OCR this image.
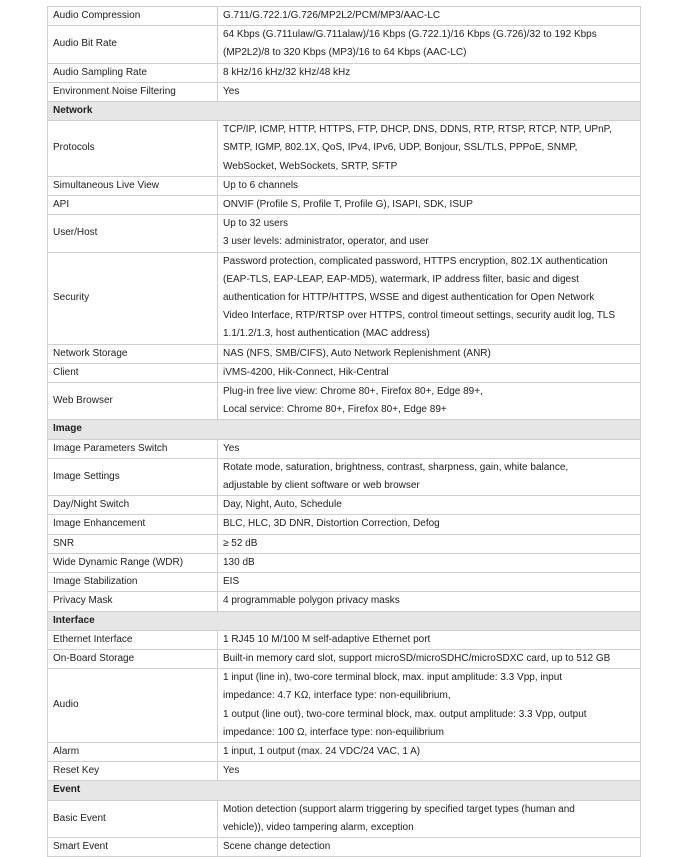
Audio Compression	G.711/G.722.1/G.726/MP2L2/PCM/MP3/AAC-LC

Audio Bit Rate	64 Kbps (G.711ulaw/G.711alaw)/16 Kbps (G.722.1)/16 Kbps (G.726)/32 to 192 Kbps
(MP2L2)/8 to 320 Kbps (MP3)/16 to 64 Kbps (AAC-LC)

Audio Sampling Rate	8 kHz/16 kHz/32 kHz/48 kHz

Environment Noise Filtering	Yes

Network	
Protocols	TCP/IP, ICMP, HTTP, HTTPS, FTP, DHCP, DNS, DDNS, RTP, RTSP, RTCP, NTP, UPnP,
SMTP, IGMP, 802.1X, QoS, IPv4, IPv6, UDP, Bonjour, SSL/TLS, PPPoE, SNMP,
WebSocket, WebSockets, SRTP, SFTP

Simultaneous Live View	Up to 6 channels

API	ONVIF (Profile S, Profile T, Profile G), ISAPI, SDK, ISUP

User/Host	Up to 32 users
3 user levels: administrator, operator, and user

Security	Password protection, complicated password, HTTPS encryption, 802.1X authentication
(EAP-TLS, EAP-LEAP, EAP-MD5), watermark, IP address filter, basic and digest
authentication for HTTP/HTTPS, WSSE and digest authentication for Open Network
Video Interface, RTP/RTSP over HTTPS, control timeout settings, security audit log, TLS
1.1/1.2/1.3, host authentication (MAC address)

Network Storage	NAS (NFS, SMB/CIFS), Auto Network Replenishment (ANR)

Client	iVMS-4200, Hik-Connect, Hik-Central

Web Browser	Plug-in free live view: Chrome 80+, Firefox 80+, Edge 89+,
Local service: Chrome 80+, Firefox 80+, Edge 89+

Image	
Image Parameters Switch	Yes

Image Settings	Rotate mode, saturation, brightness, contrast, sharpness, gain, white balance,
adjustable by client software or web browser

Day/Night Switch	Day, Night, Auto, Schedule

Image Enhancement	BLC, HLC, 3D DNR, Distortion Correction, Defog

SNR	≥ 52 dB

Wide Dynamic Range (WDR)	130 dB

Image Stabilization	EIS

Privacy Mask	4 programmable polygon privacy masks

Interface	
Ethernet Interface	1 RJ45 10 M/100 M self-adaptive Ethernet port

On-Board Storage	Built-in memory card slot, support microSD/microSDHC/microSDXC card, up to 512 GB

Audio	1 input (line in), two-core terminal block, max. input amplitude: 3.3 Vpp, input
impedance: 4.7 KΩ, interface type: non-equilibrium,
1 output (line out), two-core terminal block, max. output amplitude: 3.3 Vpp, output
impedance: 100 Ω, interface type: non-equilibrium

Alarm	1 input, 1 output (max. 24 VDC/24 VAC, 1 A)

Reset Key	Yes

Event	
Basic Event	Motion detection (support alarm triggering by specified target types (human and
vehicle)), video tampering alarm, exception

Smart Event	Scene change detection
